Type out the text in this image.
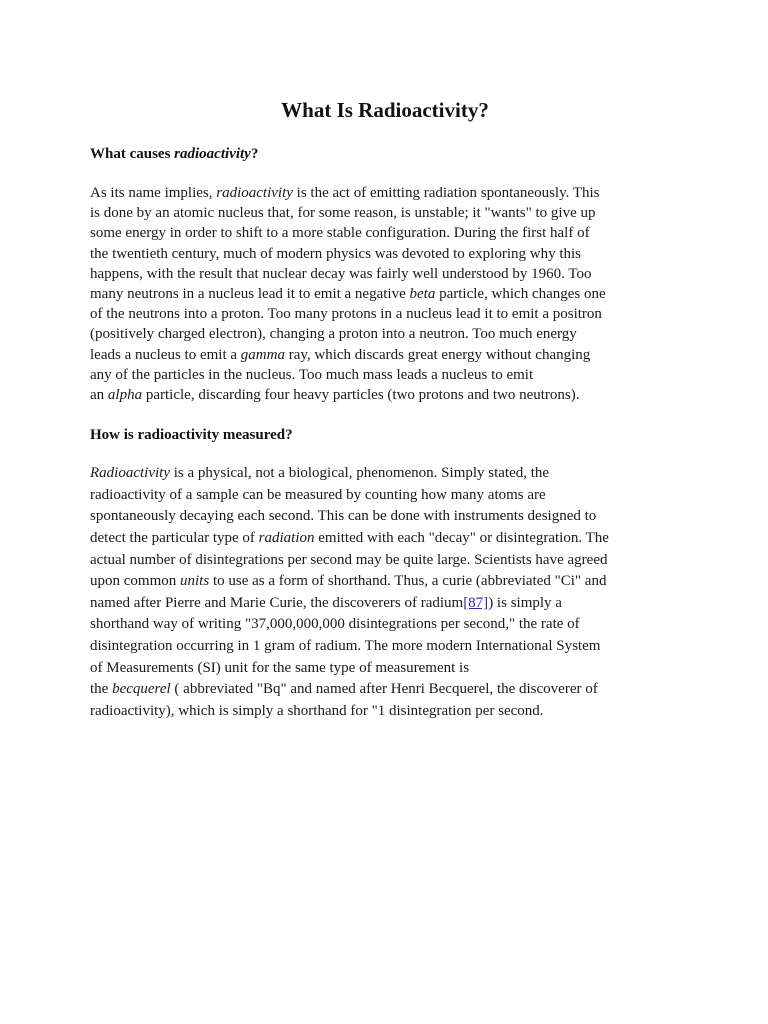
What Is Radioactivity?
What causes radioactivity?

As its name implies, radioactivity is the act of emitting radiation spontaneously. This
is done by an atomic nucleus that, for some reason, is unstable; it "wants" to give up
some energy in order to shift to a more stable configuration. During the first half of
the twentieth century, much of modern physics was devoted to exploring why this
happens, with the result that nuclear decay was fairly well understood by 1960. Too
many neutrons in a nucleus lead it to emit a negative beta particle, which changes one
of the neutrons into a proton. Too many protons in a nucleus lead it to emit a positron
(positively charged electron), changing a proton into a neutron. Too much energy
leads a nucleus to emit a gamma ray, which discards great energy without changing
any of the particles in the nucleus. Too much mass leads a nucleus to emit
an alpha particle, discarding four heavy particles (two protons and two neutrons).

How is radioactivity measured?

Radioactivity is a physical, not a biological, phenomenon. Simply stated, the
radioactivity of a sample can be measured by counting how many atoms are
spontaneously decaying each second. This can be done with instruments designed to
detect the particular type of radiation emitted with each "decay" or disintegration. The
actual number of disintegrations per second may be quite large. Scientists have agreed
upon common units to use as a form of shorthand. Thus, a curie (abbreviated "Ci" and
named after Pierre and Marie Curie, the discoverers of radium[87]) is simply a
shorthand way of writing "37,000,000,000 disintegrations per second," the rate of
disintegration occurring in 1 gram of radium. The more modern International System
of Measurements (SI) unit for the same type of measurement is
the becquerel ( abbreviated "Bq" and named after Henri Becquerel, the discoverer of
radioactivity), which is simply a shorthand for "1 disintegration per second.
